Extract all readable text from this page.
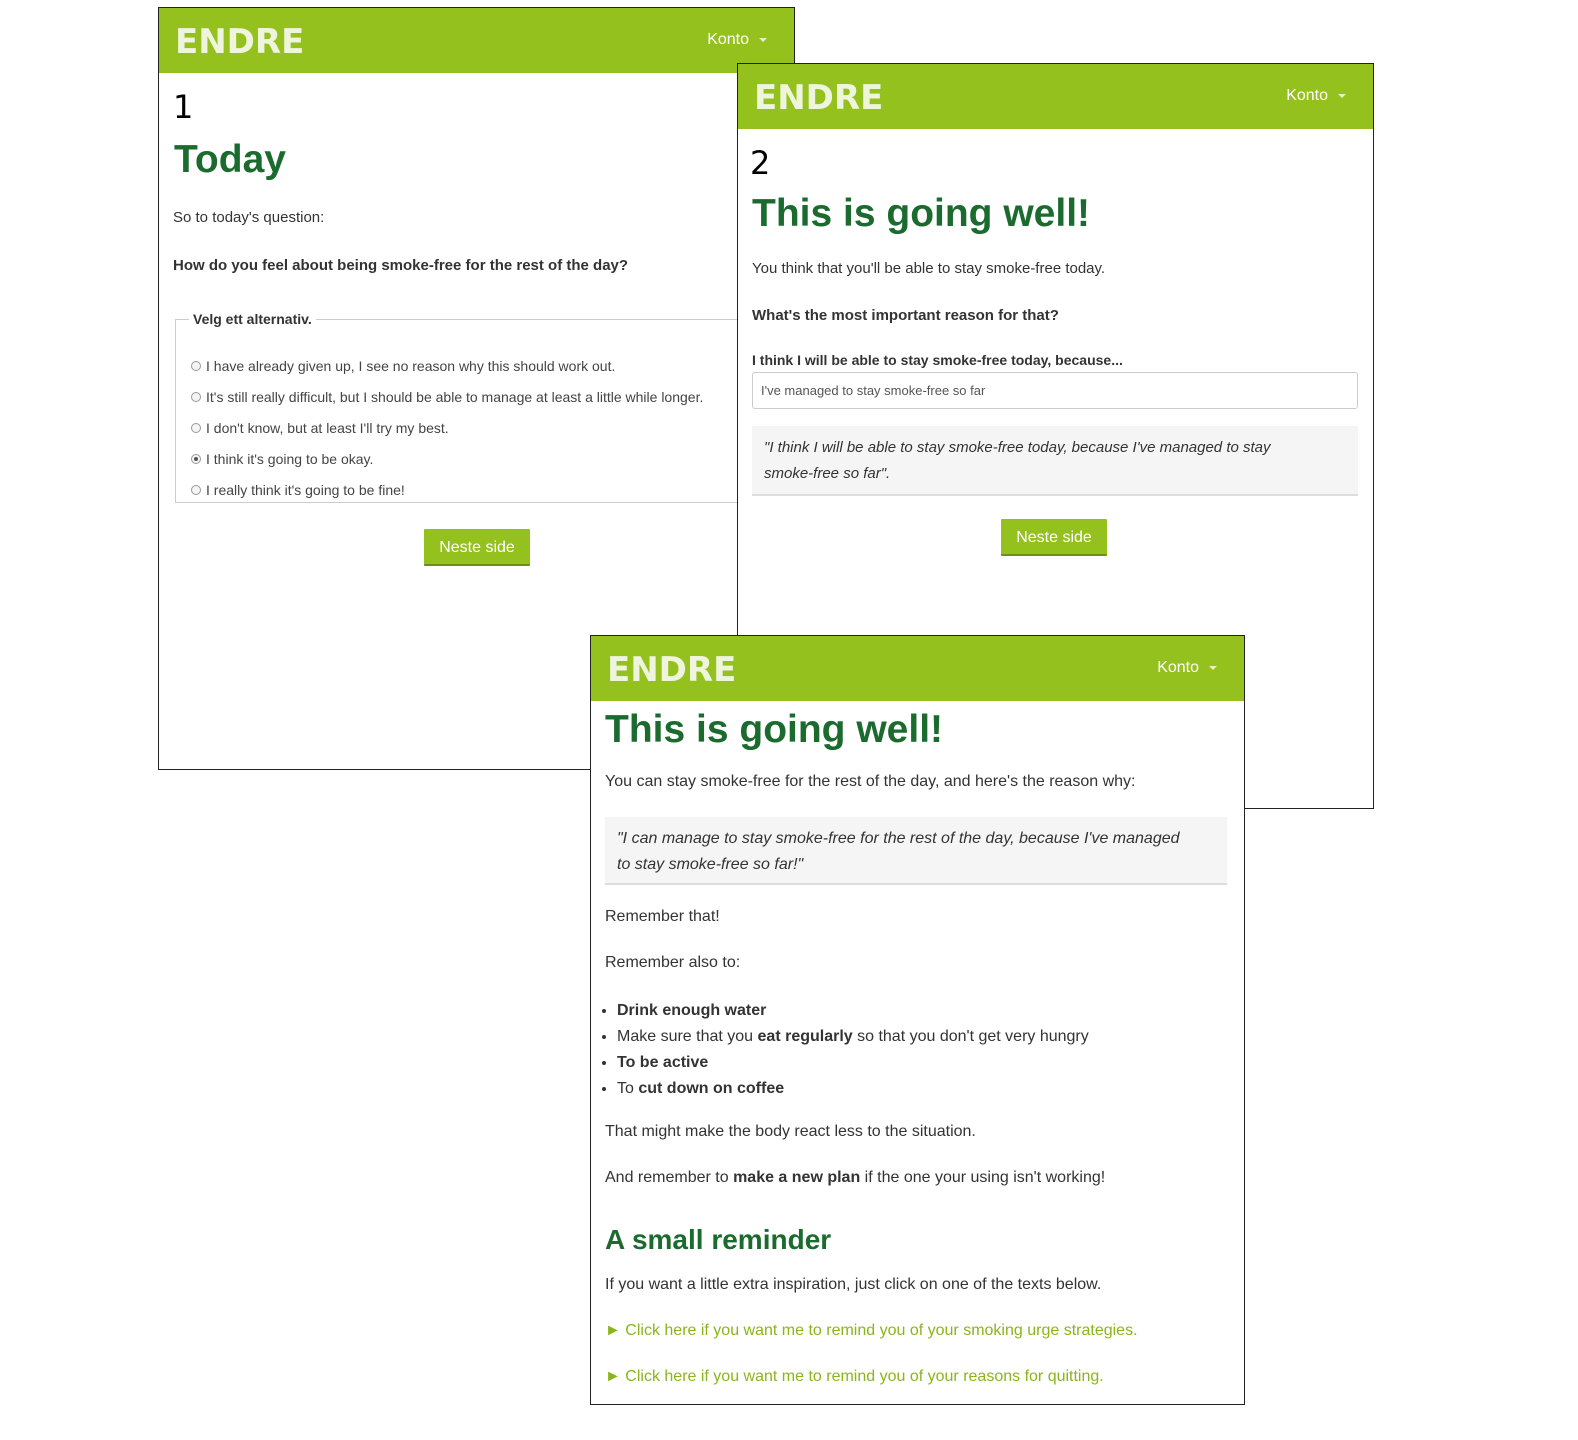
ENDRE	Konto
1
Today
So to today's question:
How do you feel about being smoke-free for the rest of the day?
Velg ett alternativ.
I have already given up, I see no reason why this should work out.
It's still really difficult, but I should be able to manage at least a little while longer.
I don't know, but at least I'll try my best.
I think it's going to be okay.
I really think it's going to be fine!
Neste side
ENDRE	Konto
2
This is going well!
You think that you'll be able to stay smoke-free today.
What's the most important reason for that?
I think I will be able to stay smoke-free today, because...
I've managed to stay smoke-free so far
"I think I will be able to stay smoke-free today, because I've managed to stay
smoke-free so far".
Neste side
ENDRE	Konto
This is going well!
You can stay smoke-free for the rest of the day, and here's the reason why:
"I can manage to stay smoke-free for the rest of the day, because I've managed
to stay smoke-free so far!"
Remember that!
Remember also to:
• Drink enough water
• Make sure that you eat regularly so that you don't get very hungry
• To be active
• To cut down on coffee
That might make the body react less to the situation.
And remember to make a new plan if the one your using isn't working!
A small reminder
If you want a little extra inspiration, just click on one of the texts below.
► Click here if you want me to remind you of your smoking urge strategies.
► Click here if you want me to remind you of your reasons for quitting.
